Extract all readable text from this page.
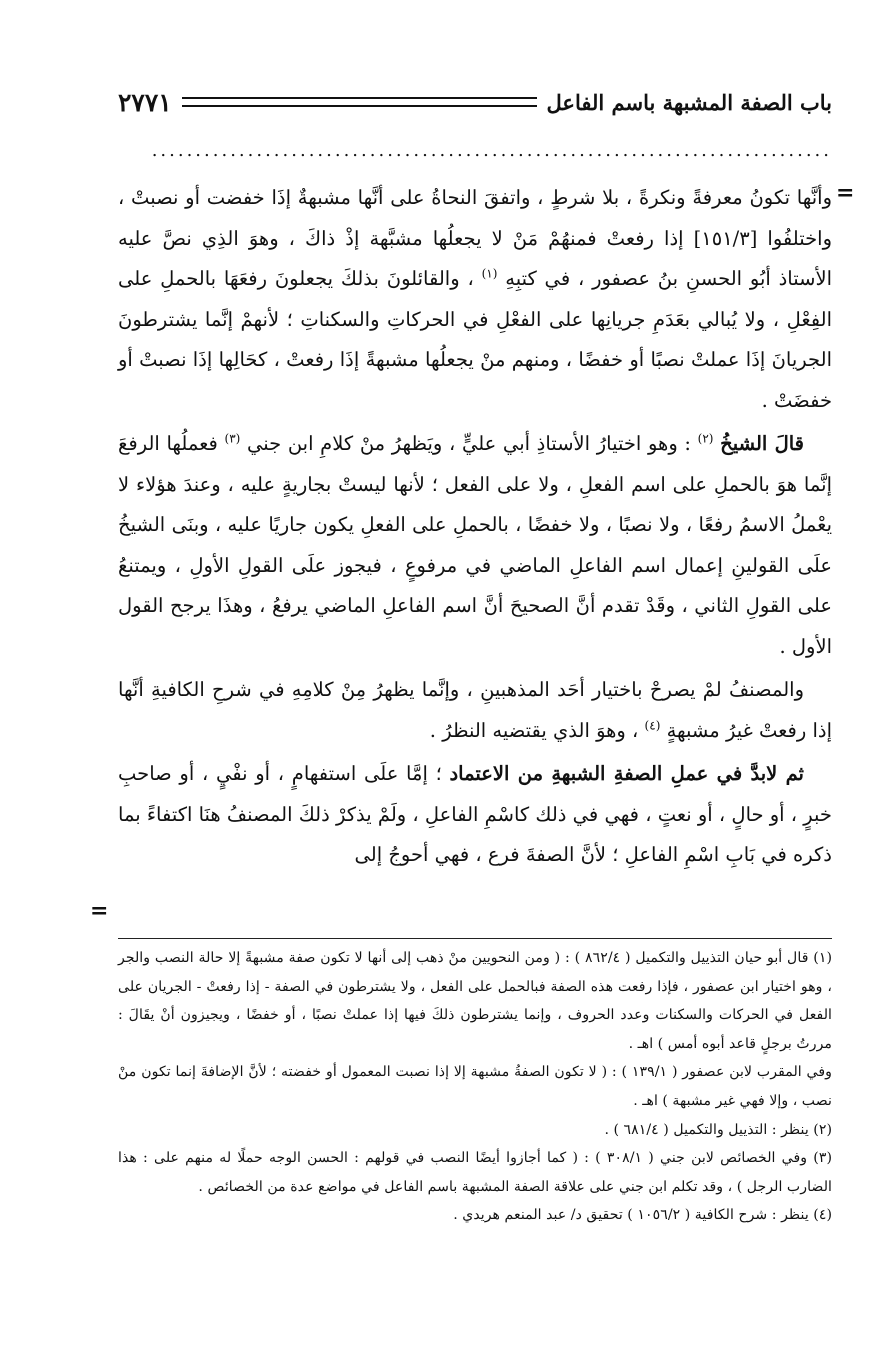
باب الصفة المشبهة باسم الفاعل
٢٧٧١
..............................................................................
=
=

وأنَّها تكونُ معرفةً ونكرةً ، بلا شرطٍ ، واتفقَ النحاةُ على أنَّها مشبهةٌ إذَا خفضت أو نصبتْ ، واختلفُوا [١٥١/٣] إذا رفعتْ فمنهُمْ مَنْ لا يجعلُها مشبَّهة إذْ ذاكَ ، وهوَ الذِي نصَّ عليه الأستاذ أبُو الحسنِ بنُ عصفور ، في كتبِهِ $^{(١)}$ ، والقائلونَ بذلكَ يجعلونَ رفعَهَا بالحملِ على الفِعْلِ ، ولا يُبالي بعَدَمِ جريانِها على الفعْلِ في الحركاتِ والسكناتِ ؛ لأنهمْ إنَّما يشترطونَ الجريانَ إذَا عملتْ نصبًا أو خفضًا ، ومنهم منْ يجعلُها مشبهةً إذَا رفعتْ ، كحَالِها إذَا نصبتْ أو خفضَتْ .

قالَ الشيخُ $^{(٢)}$ : وهو اختيارُ الأستاذِ أبي عليٍّ ، ويَظهرُ منْ كلامِ ابن جني $^{(٣)}$ فعملُها الرفعَ إنَّما هوَ بالحملِ على اسم الفعلِ ، ولا على الفعل ؛ لأنها ليستْ بجاريةٍ عليه ، وعندَ هؤلاء لا يعْملُ الاسمُ رفعًا ، ولا نصبًا ، ولا خفضًا ، بالحملِ على الفعلِ يكون جاريًا عليه ، وبنَى الشيخُ علَى القولينِ إعمال اسم الفاعلِ الماضي في مرفوعٍ ، فيجوز علَى القولِ الأولِ ، ويمتنعُ على القولِ الثاني ، وقَدْ تقدم أنَّ الصحيحَ أنَّ اسم الفاعلِ الماضي يرفعُ ، وهذَا يرجح القول الأول .

والمصنفُ لمْ يصرحْ باختيار أحَد المذهبينِ ، وإنَّما يظهرُ مِنْ كلامِهِ في شرحِ الكافيةِ أنَّها إذا رفعتْ غيرُ مشبهةٍ $^{(٤)}$ ، وهوَ الذي يقتضيه النظرُ .

ثم لابدَّ في عملِ الصفةِ الشبهةِ من الاعتماد ؛ إمَّا علَى استفهامٍ ، أو نفْيٍ ، أو صاحبِ خبرٍ ، أو حالٍ ، أو نعتٍ ، فهي في ذلك كاسْمِ الفاعلِ ، ولَمْ يذكرْ ذلكَ المصنفُ هنَا اكتفاءً بما ذكره في بَابِ اسْمِ الفاعلِ ؛ لأنَّ الصفةَ فرع ، فهي أحوجُ إلى

(١) قال أبو حيان التذييل والتكميل ( ٨٦٢/٤ ) : ( ومن النحويين منْ ذهب إلى أنها لا تكون صفة مشبهةً إلا حالة النصب والجر ، وهو اختيار ابن عصفور ، فإذا رفعت هذه الصفة فبالحمل على الفعل ، ولا يشترطون في الصفة - إذا رفعتْ - الجريان على الفعل في الحركات والسكنات وعدد الحروف ، وإنما يشترطون ذلكَ فيها إذا عملتْ نصبًا ، أو خفضًا ، ويجيزون أنْ يقَالَ : مررتُ برجلٍ قاعد أبوه أمس ) اهـ .

وفي المقرب لابن عصفور ( ١٣٩/١ ) : ( لا تكون الصفةُ مشبهة إلا إذا نصبت المعمول أو خفضته ؛ لأنَّ الإضافةَ إنما تكون منْ نصب ، وإلا فهي غير مشبهة ) اهـ .

(٢) ينظر : التذييل والتكميل ( ٦٨١/٤ ) .

(٣) وفي الخصائص لابن جني ( ٣٠٨/١ ) : ( كما أجازوا أيضًا النصب في قولهم : الحسن الوجه حملًا له منهم على : هذا الضارب الرجل ) ، وقد تكلم ابن جني على علاقة الصفة المشبهة باسم الفاعل في مواضع عدة من الخصائص .

(٤) ينظر : شرح الكافية ( ١٠٥٦/٢ ) تحقيق د/ عبد المنعم هريدي .
